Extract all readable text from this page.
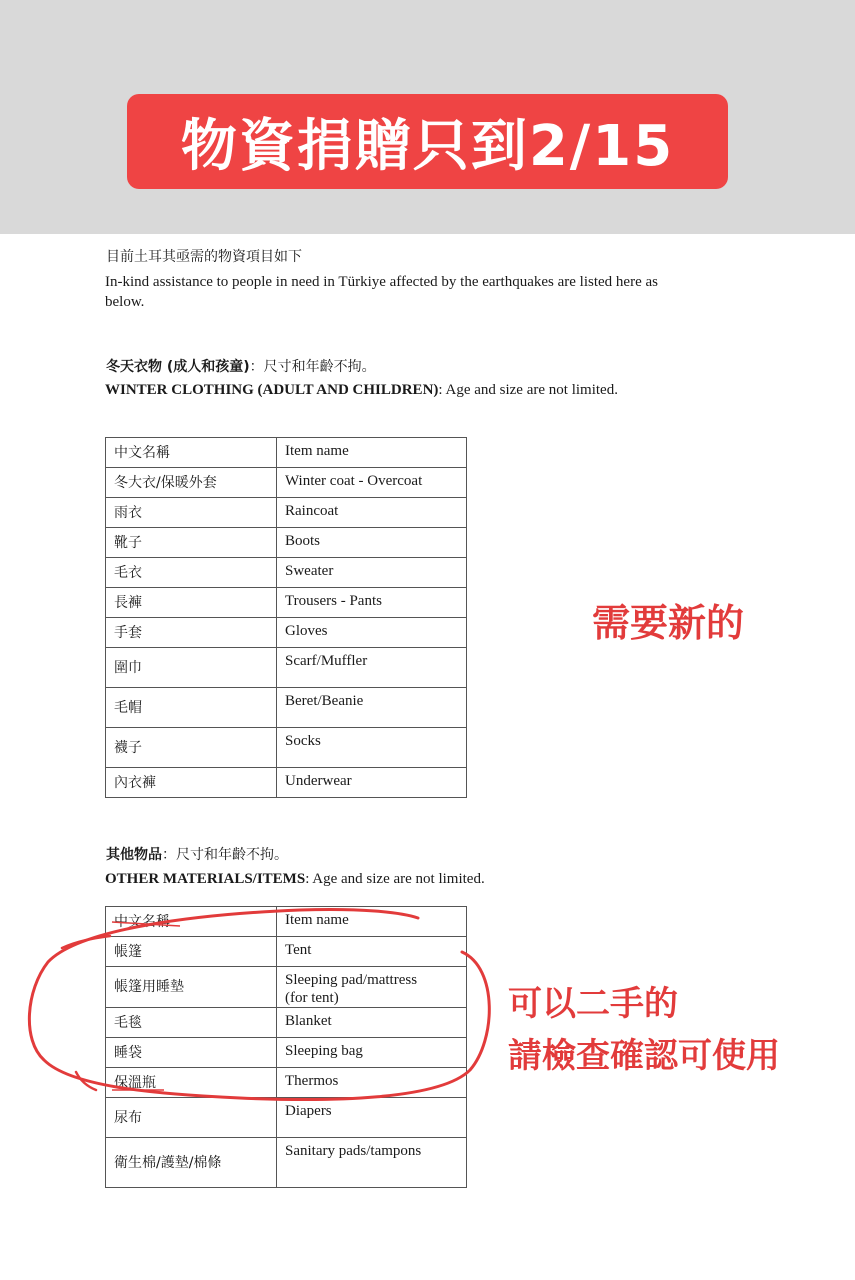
物資捐贈只到2/15
目前土耳其亟需的物資項目如下
In-kind assistance to people in need in Türkiye affected by the earthquakes are listed here as
below.
冬天衣物 (成人和孩童)：尺寸和年齡不拘。
WINTER CLOTHING (ADULT AND CHILDREN): Age and size are not limited.
中文名稱	Item name
冬大衣/保暖外套	Winter coat - Overcoat
雨衣	Raincoat
靴子	Boots
毛衣	Sweater
長褲	Trousers - Pants
手套	Gloves
圍巾	Scarf/Muffler
毛帽	Beret/Beanie
襪子	Socks
內衣褲	Underwear
需要新的
其他物品：尺寸和年齡不拘。
OTHER MATERIALS/ITEMS: Age and size are not limited.
中文名稱	Item name
帳篷	Tent
帳篷用睡墊	Sleeping pad/mattress
(for tent)
毛毯	Blanket
睡袋	Sleeping bag
保溫瓶	Thermos
尿布	Diapers
衛生棉/護墊/棉條	Sanitary pads/tampons
可以二手的
請檢查確認可使用
